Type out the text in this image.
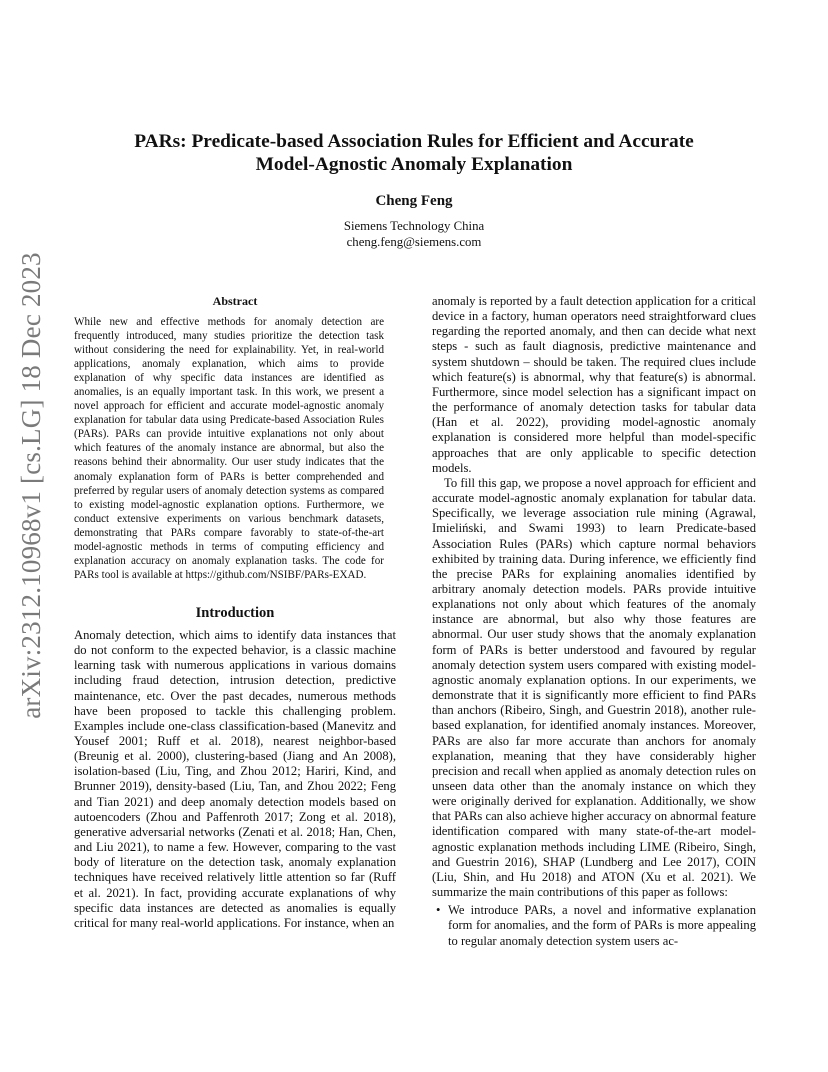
arXiv:2312.10968v1 [cs.LG] 18 Dec 2023
PARs: Predicate-based Association Rules for Efficient and Accurate
Model-Agnostic Anomaly Explanation
Cheng Feng
Siemens Technology China
cheng.feng@siemens.com
Abstract

While new and effective methods for anomaly detection are frequently introduced, many studies prioritize the detection task without considering the need for explainability. Yet, in real-world applications, anomaly explanation, which aims to provide explanation of why specific data instances are identified as anomalies, is an equally important task. In this work, we present a novel approach for efficient and accurate model-agnostic anomaly explanation for tabular data using Predicate-based Association Rules (PARs). PARs can provide intuitive explanations not only about which features of the anomaly instance are abnormal, but also the reasons behind their abnormality. Our user study indicates that the anomaly explanation form of PARs is better comprehended and preferred by regular users of anomaly detection systems as compared to existing model-agnostic explanation options. Furthermore, we conduct extensive experiments on various benchmark datasets, demonstrating that PARs compare favorably to state-of-the-art model-agnostic methods in terms of computing efficiency and explanation accuracy on anomaly explanation tasks. The code for PARs tool is available at https://github.com/NSIBF/PARs-EXAD.

Introduction

Anomaly detection, which aims to identify data instances that do not conform to the expected behavior, is a classic machine learning task with numerous applications in various domains including fraud detection, intrusion detection, predictive maintenance, etc. Over the past decades, numerous methods have been proposed to tackle this challenging problem. Examples include one-class classification-based (Manevitz and Yousef 2001; Ruff et al. 2018), nearest neighbor-based (Breunig et al. 2000), clustering-based (Jiang and An 2008), isolation-based (Liu, Ting, and Zhou 2012; Hariri, Kind, and Brunner 2019), density-based (Liu, Tan, and Zhou 2022; Feng and Tian 2021) and deep anomaly detection models based on autoencoders (Zhou and Paffenroth 2017; Zong et al. 2018), generative adversarial networks (Zenati et al. 2018; Han, Chen, and Liu 2021), to name a few. However, comparing to the vast body of literature on the detection task, anomaly explanation techniques have received relatively little attention so far (Ruff et al. 2021). In fact, providing accurate explanations of why specific data instances are detected as anomalies is equally critical for many real-world applications. For instance, when an

anomaly is reported by a fault detection application for a critical device in a factory, human operators need straightforward clues regarding the reported anomaly, and then can decide what next steps - such as fault diagnosis, predictive maintenance and system shutdown – should be taken. The required clues include which feature(s) is abnormal, why that feature(s) is abnormal. Furthermore, since model selection has a significant impact on the performance of anomaly detection tasks for tabular data (Han et al. 2022), providing model-agnostic anomaly explanation is considered more helpful than model-specific approaches that are only applicable to specific detection models.

To fill this gap, we propose a novel approach for efficient and accurate model-agnostic anomaly explanation for tabular data. Specifically, we leverage association rule mining (Agrawal, Imieliński, and Swami 1993) to learn Predicate-based Association Rules (PARs) which capture normal behaviors exhibited by training data. During inference, we efficiently find the precise PARs for explaining anomalies identified by arbitrary anomaly detection models. PARs provide intuitive explanations not only about which features of the anomaly instance are abnormal, but also why those features are abnormal. Our user study shows that the anomaly explanation form of PARs is better understood and favoured by regular anomaly detection system users compared with existing model-agnostic anomaly explanation options. In our experiments, we demonstrate that it is significantly more efficient to find PARs than anchors (Ribeiro, Singh, and Guestrin 2018), another rule-based explanation, for identified anomaly instances. Moreover, PARs are also far more accurate than anchors for anomaly explanation, meaning that they have considerably higher precision and recall when applied as anomaly detection rules on unseen data other than the anomaly instance on which they were originally derived for explanation. Additionally, we show that PARs can also achieve higher accuracy on abnormal feature identification compared with many state-of-the-art model-agnostic explanation methods including LIME (Ribeiro, Singh, and Guestrin 2016), SHAP (Lundberg and Lee 2017), COIN (Liu, Shin, and Hu 2018) and ATON (Xu et al. 2021). We summarize the main contributions of this paper as follows:

• We introduce PARs, a novel and informative explanation form for anomalies, and the form of PARs is more appealing to regular anomaly detection system users ac-
